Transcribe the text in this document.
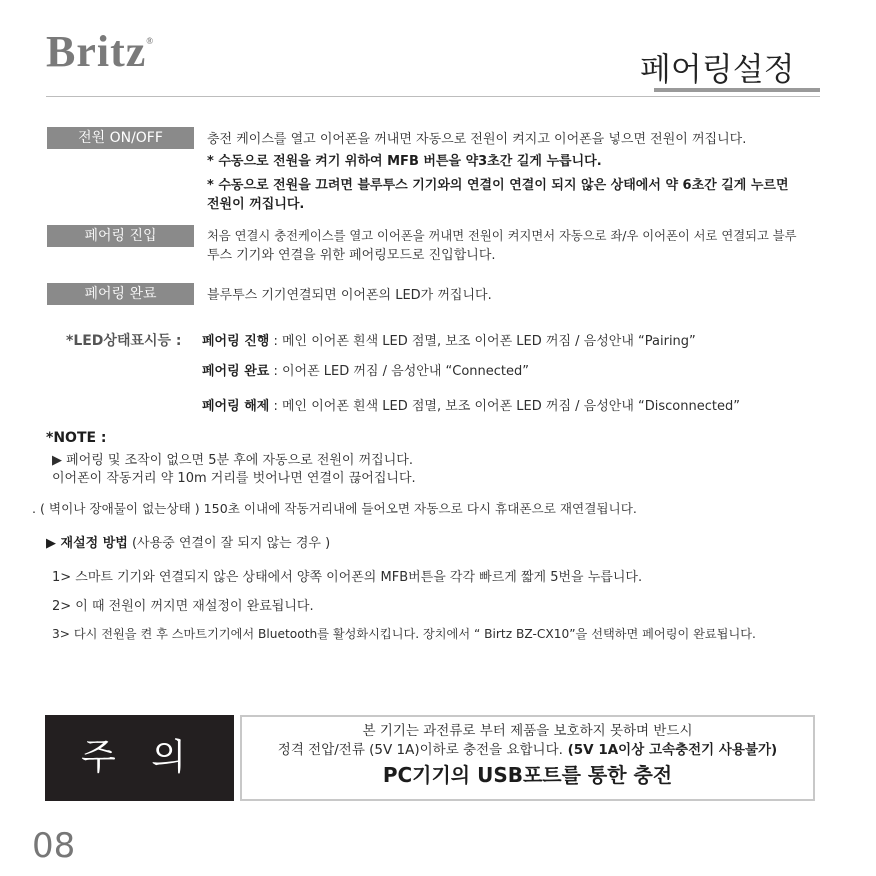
Britz®
페어링설정
전원 ON/OFF	충전 케이스를 열고 이어폰을 꺼내면 자동으로 전원이 켜지고 이어폰을 넣으면 전원이 꺼집니다.
* 수동으로 전원을 켜기 위하여 MFB 버튼을 약3초간 길게 누릅니다.
* 수동으로 전원을 끄려면 블루투스 기기와의 연결이 연결이 되지 않은 상태에서 약 6초간 길게 누르면
전원이 꺼집니다.
페어링 진입	처음 연결시 충전케이스를 열고 이어폰을 꺼내면 전원이 켜지면서 자동으로 좌/우 이어폰이 서로 연결되고 블루
투스 기기와 연결을 위한 페어링모드로 진입합니다.
페어링 완료	블루투스 기기연결되면 이어폰의 LED가 꺼집니다.
*LED상태표시등 : 페어링 진행 : 메인 이어폰 흰색 LED 점멸, 보조 이어폰 LED 꺼짐 / 음성안내 “Pairing”
페어링 완료 : 이어폰 LED 꺼짐 / 음성안내 “Connected”
페어링 해제 : 메인 이어폰 흰색 LED 점멸, 보조 이어폰 LED 꺼짐 / 음성안내 “Disconnected”
*NOTE :
▶ 페어링 및 조작이 없으면 5분 후에 자동으로 전원이 꺼집니다.
이어폰이 작동거리 약 10m 거리를 벗어나면 연결이 끊어집니다.
. ( 벽이나 장애물이 없는상태 ) 150초 이내에 작동거리내에 들어오면 자동으로 다시 휴대폰으로 재연결됩니다.
▶ 재설정 방법 (사용중 연결이 잘 되지 않는 경우 )
1> 스마트 기기와 연결되지 않은 상태에서 양쪽 이어폰의 MFB버튼을 각각 빠르게 짧게 5번을 누릅니다.
2> 이 때 전원이 꺼지면 재설정이 완료됩니다.
3> 다시 전원을 켠 후 스마트기기에서 Bluetooth를 활성화시킵니다. 장치에서 “ Birtz BZ-CX10”을 선택하면 페어링이 완료됩니다.
주 의
본 기기는 과전류로 부터 제품을 보호하지 못하며 반드시
정격 전압/전류 (5V 1A)이하로 충전을 요합니다. (5V 1A이상 고속충전기 사용불가)
PC기기의 USB포트를 통한 충전
08
